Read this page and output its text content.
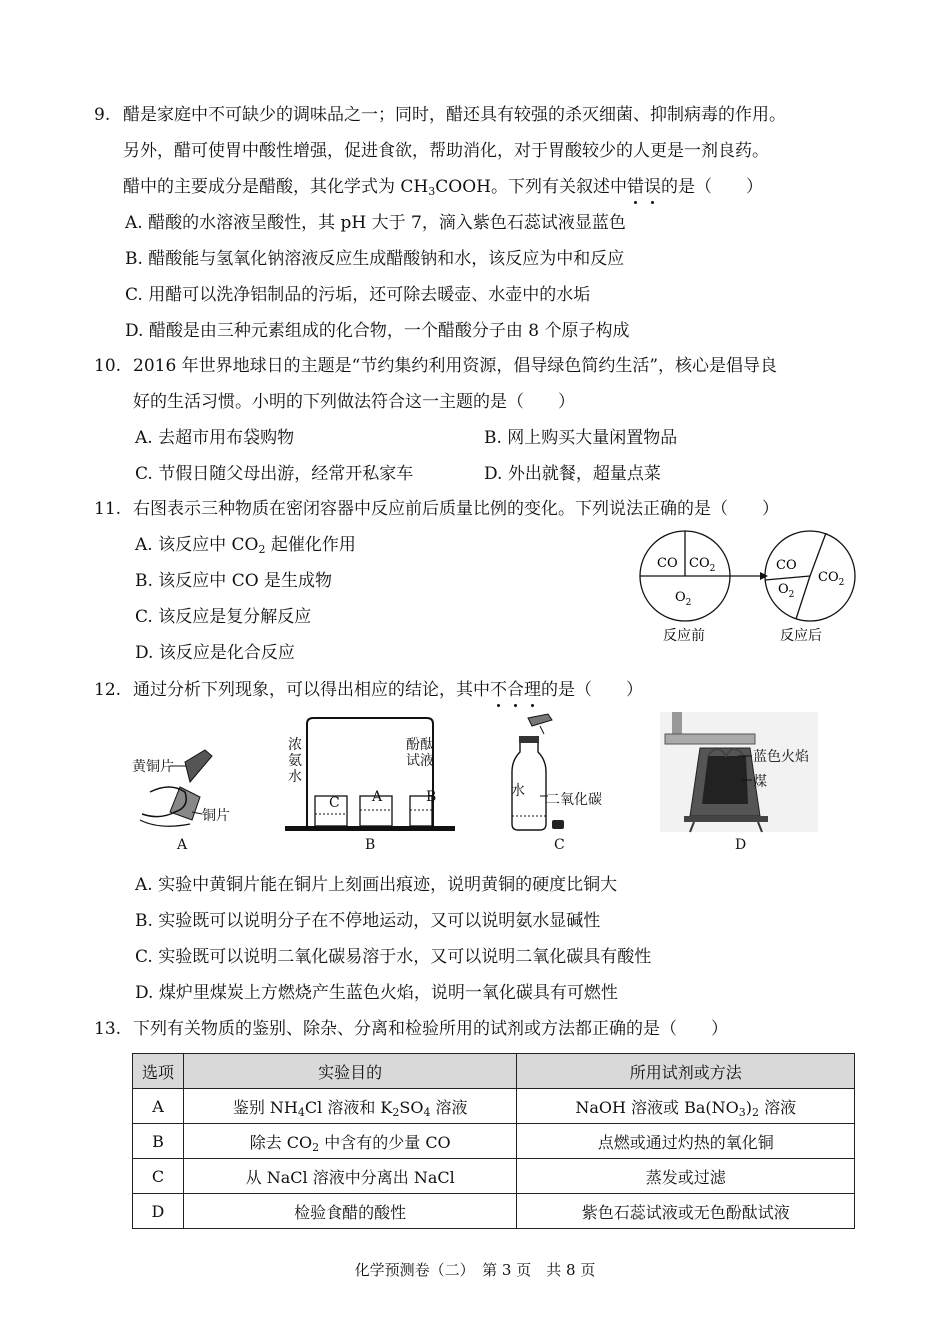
9. 醋是家庭中不可缺少的调味品之一；同时，醋还具有较强的杀灭细菌、抑制病毒的作用。
另外，醋可使胃中酸性增强，促进食欲，帮助消化，对于胃酸较少的人更是一剂良药。
醋中的主要成分是醋酸，其化学式为 $CH_3COOH$。下列有关叙述中错误的是（　　）
A. 醋酸的水溶液呈酸性，其 pH 大于 7，滴入紫色石蕊试液显蓝色
B. 醋酸能与氢氧化钠溶液反应生成醋酸钠和水，该反应为中和反应
C. 用醋可以洗净铝制品的污垢，还可除去暖壶、水壶中的水垢
D. 醋酸是由三种元素组成的化合物，一个醋酸分子由 8 个原子构成
10. 2016 年世界地球日的主题是“节约集约利用资源，倡导绿色简约生活”，核心是倡导良
好的生活习惯。小明的下列做法符合这一主题的是（　　）
A. 去超市用布袋购物	B. 网上购买大量闲置物品
C. 节假日随父母出游，经常开私家车	D. 外出就餐，超量点菜
11. 右图表示三种物质在密闭容器中反应前后质量比例的变化。下列说法正确的是（　　）
A. 该反应中 $CO_2$ 起催化作用
B. 该反应中 CO 是生成物
C. 该反应是复分解反应
D. 该反应是化合反应
CO $CO_2$
$O_2$
CO
$O_2$
$CO_2$
反应前	反应后
12. 通过分析下列现象，可以得出相应的结论，其中不合理的是（　　）
黄铜片
铜片
A
浓
氨
水
酚酞
试液
C A	B
B
水
二氧化碳
C
蓝色火焰
煤
D
A. 实验中黄铜片能在铜片上刻画出痕迹，说明黄铜的硬度比铜大
B. 实验既可以说明分子在不停地运动，又可以说明氨水显碱性
C. 实验既可以说明二氧化碳易溶于水，又可以说明二氧化碳具有酸性
D. 煤炉里煤炭上方燃烧产生蓝色火焰，说明一氧化碳具有可燃性
13. 下列有关物质的鉴别、除杂、分离和检验所用的试剂或方法都正确的是（　　）
选项	实验目的	所用试剂或方法
A	鉴别 $NH_4Cl$ 溶液和 $K_2SO_4$ 溶液	NaOH 溶液或 $Ba(NO_3)_2$ 溶液
B	除去 $CO_2$ 中含有的少量 CO	点燃或通过灼热的氧化铜
C	从 NaCl 溶液中分离出 NaCl	蒸发或过滤
D	检验食醋的酸性	紫色石蕊试液或无色酚酞试液
化学预测卷（二）　第 3 页　共 8 页
